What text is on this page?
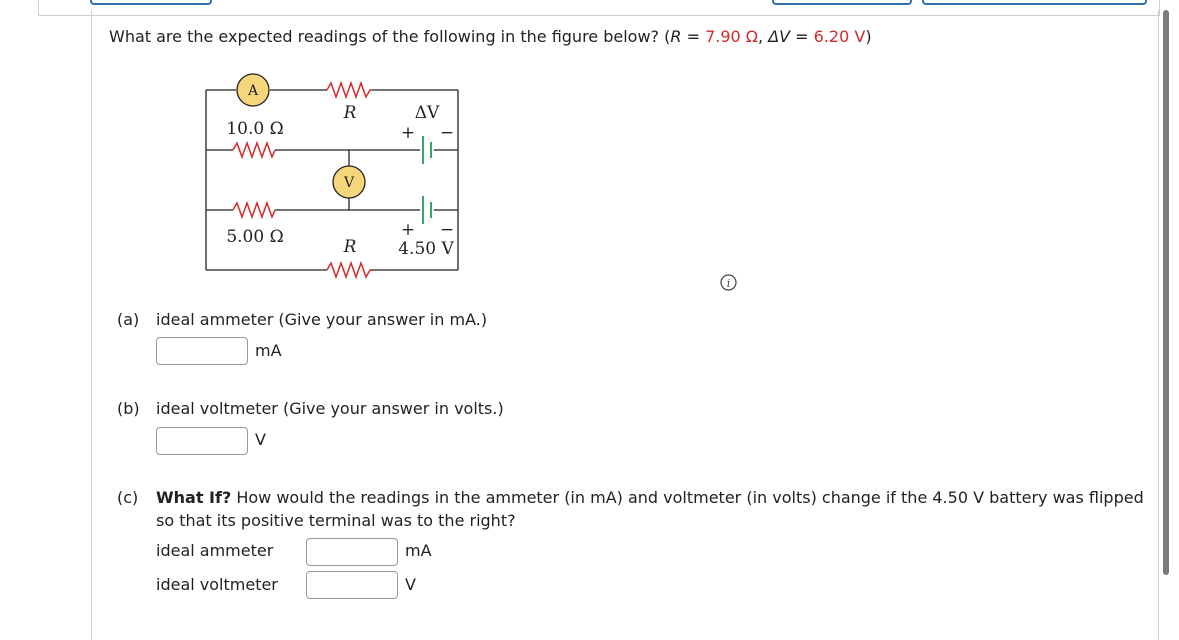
What are the expected readings of the following in the figure below? (R = 7.90 Ω, ΔV = 6.20 V)
A
V
R
R
10.0 Ω
5.00 Ω
ΔV
+ −
+ −
4.50 V
i
(a) ideal ammeter (Give your answer in mA.)
mA
(b) ideal voltmeter (Give your answer in volts.)
V
(c) What If? How would the readings in the ammeter (in mA) and voltmeter (in volts) change if the 4.50 V battery was flipped
so that its positive terminal was to the right?
ideal ammeter	mA
ideal voltmeter	V
